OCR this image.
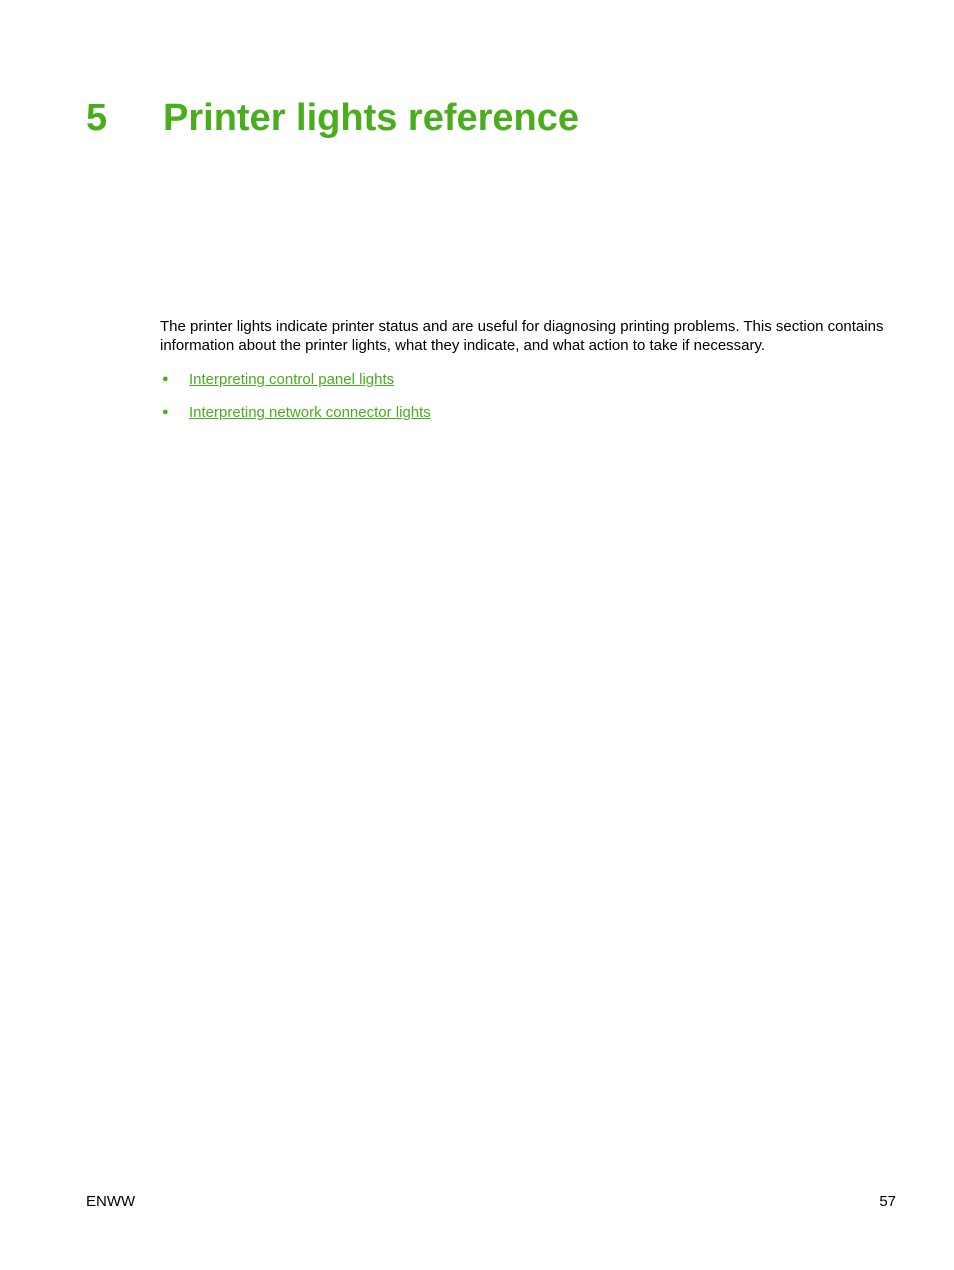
5 Printer lights reference

The printer lights indicate printer status and are useful for diagnosing printing problems. This section contains information about the printer lights, what they indicate, and what action to take if necessary.

● Interpreting control panel lights
● Interpreting network connector lights
ENWW	57
